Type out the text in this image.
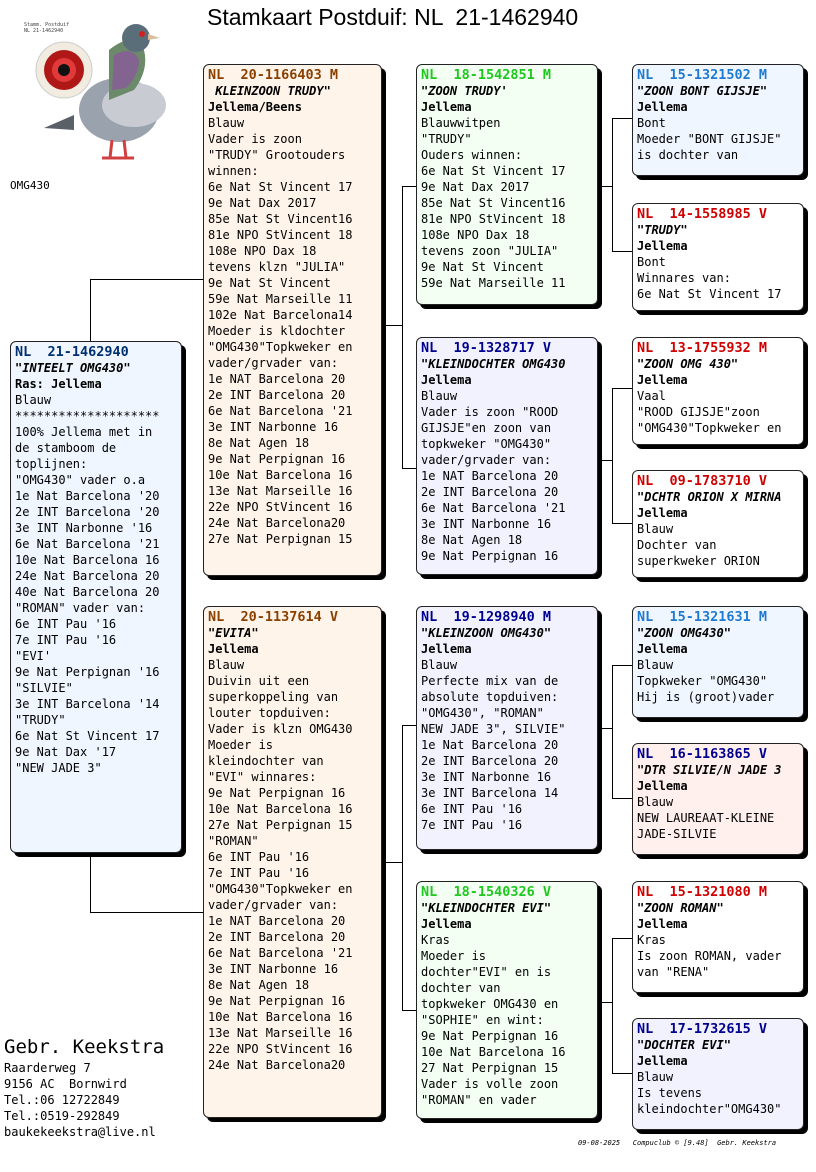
Stamkaart Postduif: NL  21-1462940
Stamm. Postduif
NL 21-1462940
OMG430
NL  21-1462940
"INTEELT OMG430"
Ras: Jellema
Blauw
********************
100% Jellema met in
de stamboom de
toplijnen:
"OMG430" vader o.a
1e Nat Barcelona '20
2e INT Barcelona '20
3e INT Narbonne '16
6e Nat Barcelona '21
10e Nat Barcelona 16
24e Nat Barcelona 20
40e Nat Barcelona 20
"ROMAN" vader van:
6e INT Pau '16
7e INT Pau '16
"EVI'
9e Nat Perpignan '16
"SILVIE"
3e INT Barcelona '14
"TRUDY"
6e Nat St Vincent 17
9e Nat Dax '17
"NEW JADE 3"
NL  20-1166403 M
KLEINZOON TRUDY"
Jellema/Beens
Blauw
Vader is zoon
"TRUDY" Grootouders
winnen:
6e Nat St Vincent 17
9e Nat Dax 2017
85e Nat St Vincent16
81e NPO StVincent 18
108e NPO Dax 18
tevens klzn "JULIA"
9e Nat St Vincent
59e Nat Marseille 11
102e Nat Barcelona14
Moeder is kldochter
"OMG430"Topkweker en
vader/grvader van:
1e NAT Barcelona 20
2e INT Barcelona 20
6e Nat Barcelona '21
3e INT Narbonne 16
8e Nat Agen 18
9e Nat Perpignan 16
10e Nat Barcelona 16
13e Nat Marseille 16
22e NPO StVincent 16
24e Nat Barcelona20
27e Nat Perpignan 15
NL  20-1137614 V
"EVITA"
Jellema
Blauw
Duivin uit een
superkoppeling van
louter topduiven:
Vader is klzn OMG430
Moeder is
kleindochter van
"EVI" winnares:
9e Nat Perpignan 16
10e Nat Barcelona 16
27e Nat Perpignan 15
"ROMAN"
6e INT Pau '16
7e INT Pau '16
"OMG430"Topkweker en
vader/grvader van:
1e NAT Barcelona 20
2e INT Barcelona 20
6e Nat Barcelona '21
3e INT Narbonne 16
8e Nat Agen 18
9e Nat Perpignan 16
10e Nat Barcelona 16
13e Nat Marseille 16
22e NPO StVincent 16
24e Nat Barcelona20
NL  18-1542851 M
"ZOON TRUDY'
Jellema
Blauwwitpen
"TRUDY"
Ouders winnen:
6e Nat St Vincent 17
9e Nat Dax 2017
85e Nat St Vincent16
81e NPO StVincent 18
108e NPO Dax 18
tevens zoon "JULIA"
9e Nat St Vincent
59e Nat Marseille 11
NL  19-1328717 V
"KLEINDOCHTER OMG430
Jellema
Blauw
Vader is zoon "ROOD
GIJSJE"en zoon van
topkweker "OMG430"
vader/grvader van:
1e NAT Barcelona 20
2e INT Barcelona 20
6e Nat Barcelona '21
3e INT Narbonne 16
8e Nat Agen 18
9e Nat Perpignan 16
NL  19-1298940 M
"KLEINZOON OMG430"
Jellema
Blauw
Perfecte mix van de
absolute topduiven:
"OMG430", "ROMAN"
NEW JADE 3", SILVIE"
1e Nat Barcelona 20
2e INT Barcelona 20
3e INT Narbonne 16
3e INT Barcelona 14
6e INT Pau '16
7e INT Pau '16
NL  18-1540326 V
"KLEINDOCHTER EVI"
Jellema
Kras
Moeder is
dochter"EVI" en is
dochter van
topkweker OMG430 en
"SOPHIE" en wint:
9e Nat Perpignan 16
10e Nat Barcelona 16
27 Nat Perpignan 15
Vader is volle zoon
"ROMAN" en vader
NL  15-1321502 M
"ZOON BONT GIJSJE"
Jellema
Bont
Moeder "BONT GIJSJE"
is dochter van
NL  14-1558985 V
"TRUDY"
Jellema
Bont
Winnares van:
6e Nat St Vincent 17
NL  13-1755932 M
"ZOON OMG 430"
Jellema
Vaal
"ROOD GIJSJE"zoon
"OMG430"Topkweker en
NL  09-1783710 V
"DCHTR ORION X MIRNA
Jellema
Blauw
Dochter van
superkweker ORION
NL  15-1321631 M
"ZOON OMG430"
Jellema
Blauw
Topkweker "OMG430"
Hij is (groot)vader
NL  16-1163865 V
"DTR SILVIE/N JADE 3
Jellema
Blauw
NEW LAUREAAT-KLEINE
JADE-SILVIE
NL  15-1321080 M
"ZOON ROMAN"
Jellema
Kras
Is zoon ROMAN, vader
van "RENA"
NL  17-1732615 V
"DOCHTER EVI"
Jellema
Blauw
Is tevens
kleindochter"OMG430"
Gebr. Keekstra
Raarderweg 7
9156 AC  Bornwird
Tel.:06 12722849
Tel.:0519-292849
baukekeekstra@live.nl
09-08-2025   Compuclub © [9.48]  Gebr. Keekstra
